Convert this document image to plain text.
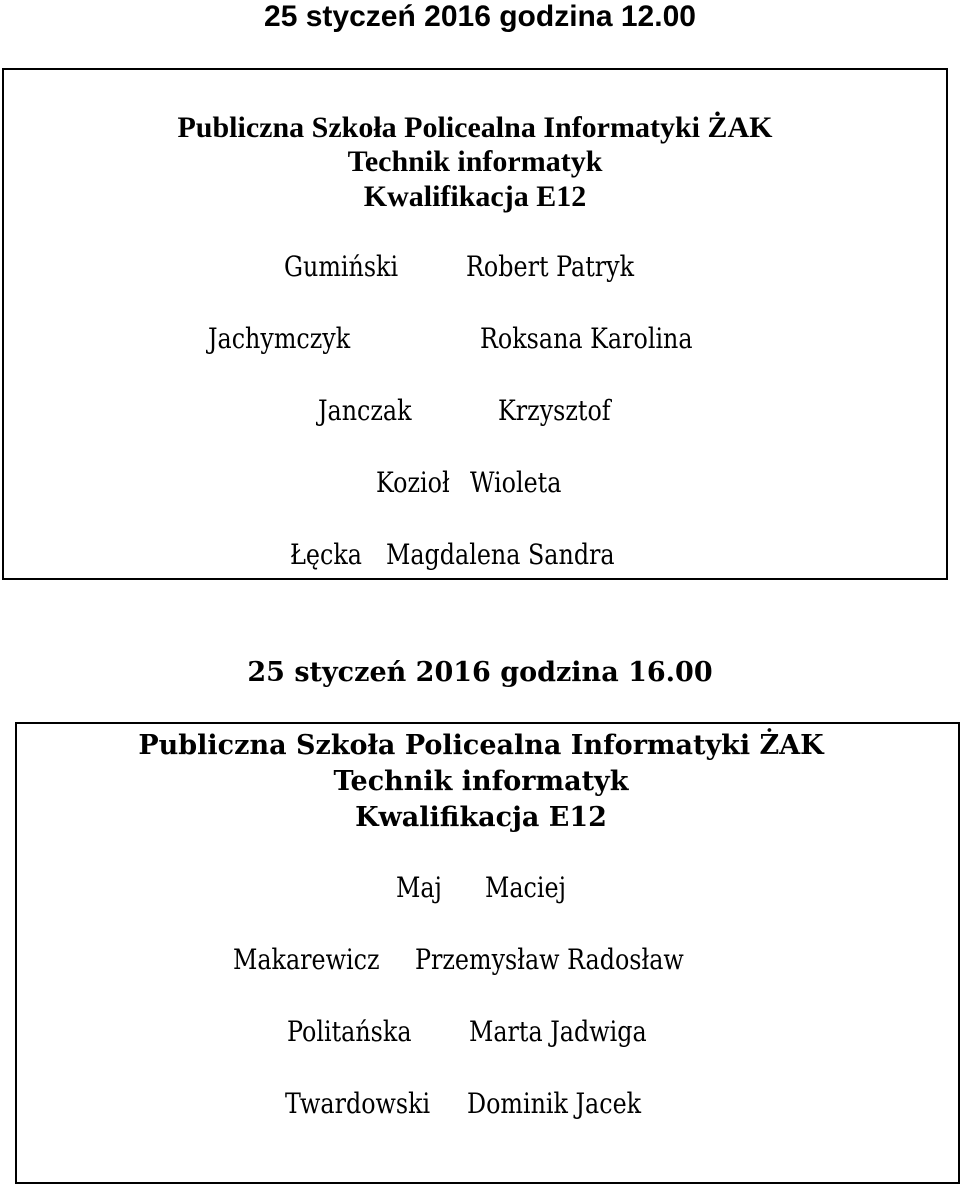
25 styczeń 2016 godzina 12.00
Publiczna Szkoła Policealna Informatyki ŻAK
Technik informatyk
Kwalifikacja E12
Gumiński Robert Patryk
Jachymczyk	Roksana Karolina
Janczak	Krzysztof
Kozioł Wioleta
Łęcka Magdalena Sandra
25 styczeń 2016 godzina 16.00
Publiczna Szkoła Policealna Informatyki ŻAK
Technik informatyk
Kwalifikacja E12
Maj Maciej
Makarewicz Przemysław Radosław
Politańska Marta Jadwiga
Twardowski Dominik Jacek
